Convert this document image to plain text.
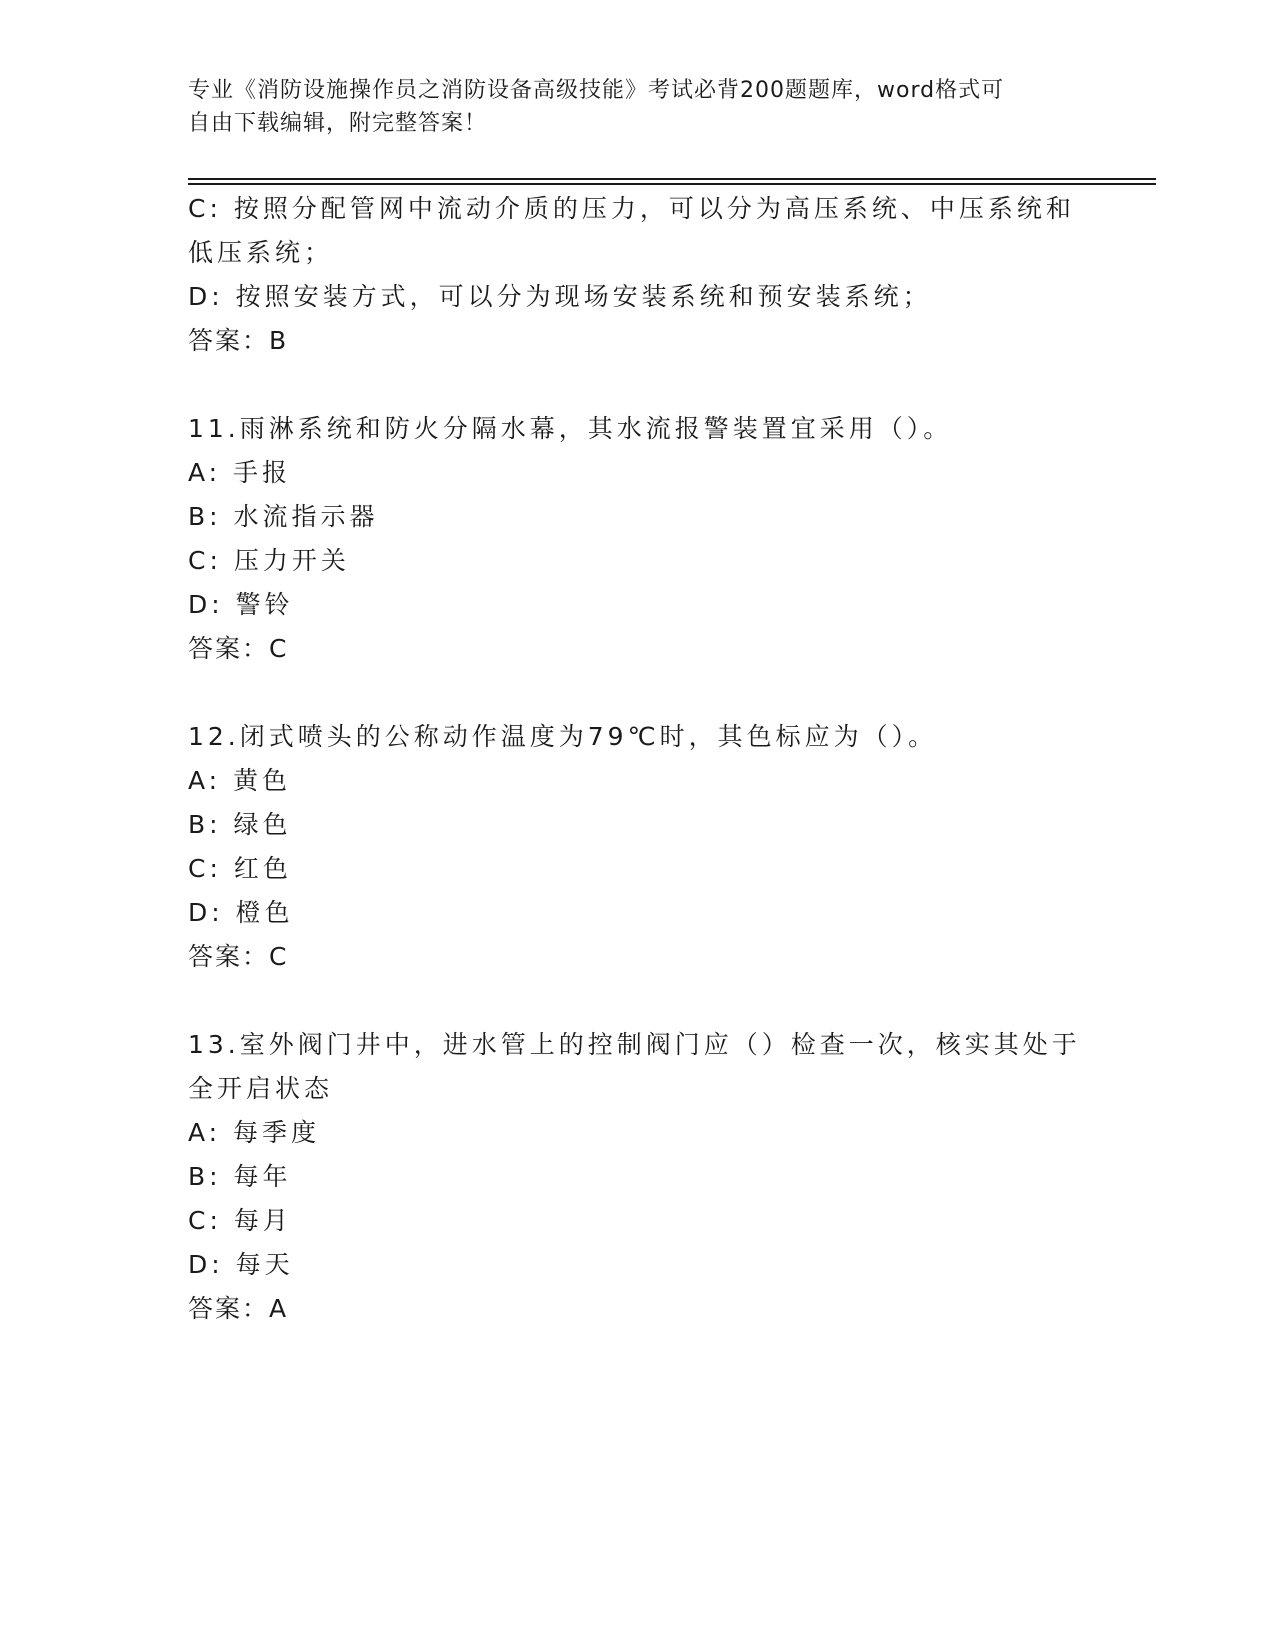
专业《消防设施操作员之消防设备高级技能》考试必背200题题库，word格式可
自由下载编辑，附完整答案！
C: 按照分配管网中流动介质的压力，可以分为高压系统、中压系统和
低压系统；
D: 按照安装方式，可以分为现场安装系统和预安装系统；
答案：B
11.雨淋系统和防火分隔水幕，其水流报警装置宜采用（）。
A: 手报
B: 水流指示器
C: 压力开关
D: 警铃
答案：C
12.闭式喷头的公称动作温度为79℃时，其色标应为（）。
A: 黄色
B: 绿色
C: 红色
D: 橙色
答案：C
13.室外阀门井中，进水管上的控制阀门应（）检查一次，核实其处于
全开启状态
A: 每季度
B: 每年
C: 每月
D: 每天
答案：A
